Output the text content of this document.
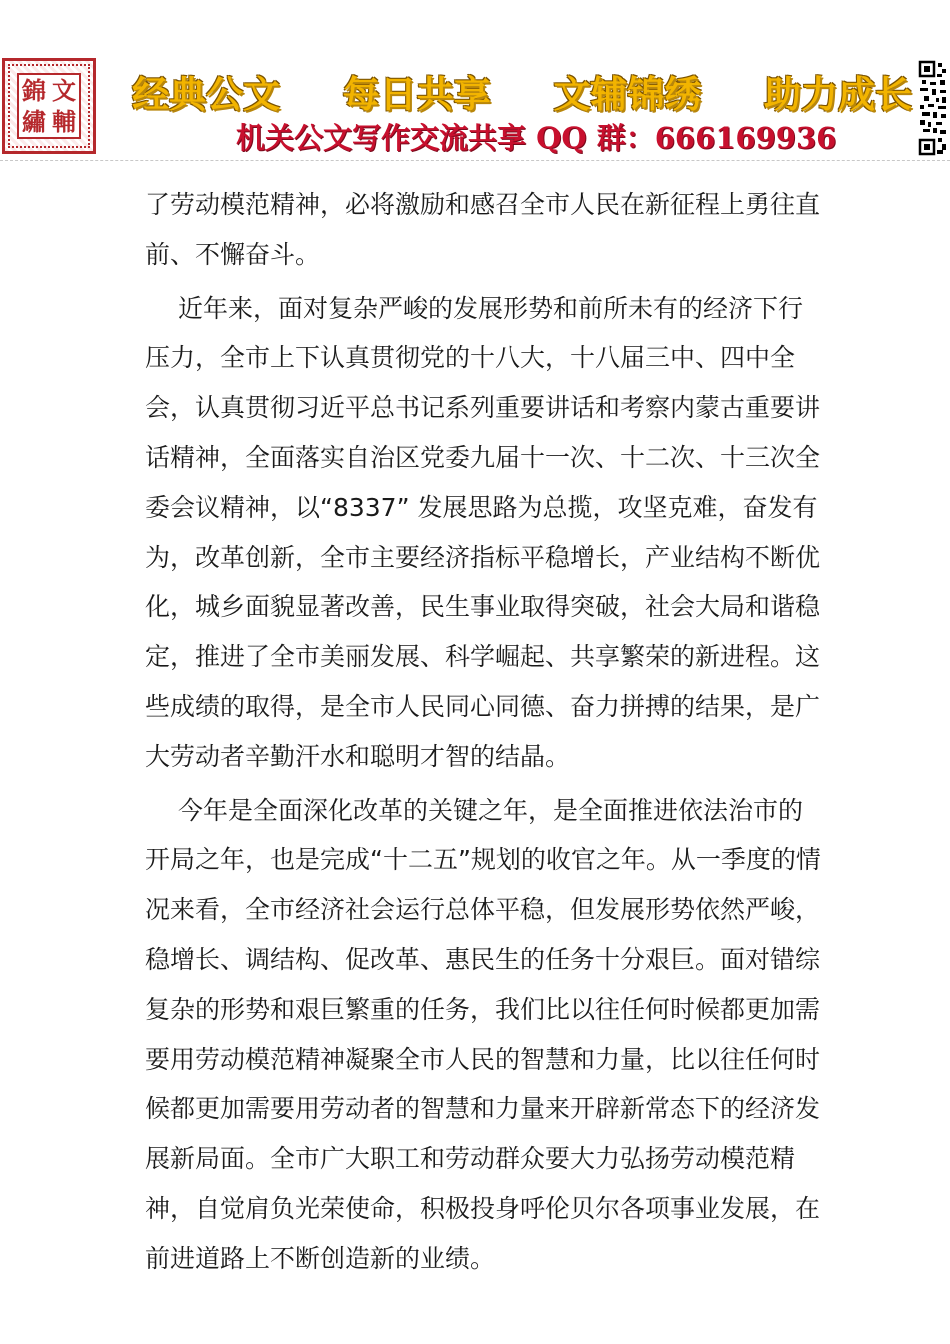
錦 文
繡 輔
经典公文 每日共享 文辅锦绣 助力成长
机关公文写作交流共享 QQ 群：666169936

了劳动模范精神，必将激励和感召全市人民在新征程上勇往直前、不懈奋斗。

近年来，面对复杂严峻的发展形势和前所未有的经济下行压力，全市上下认真贯彻党的十八大，十八届三中、四中全会，认真贯彻习近平总书记系列重要讲话和考察内蒙古重要讲话精神，全面落实自治区党委九届十一次、十二次、十三次全委会议精神，以“8337” 发展思路为总揽，攻坚克难，奋发有为，改革创新，全市主要经济指标平稳增长，产业结构不断优化，城乡面貌显著改善，民生事业取得突破，社会大局和谐稳定，推进了全市美丽发展、科学崛起、共享繁荣的新进程。这些成绩的取得，是全市人民同心同德、奋力拼搏的结果，是广大劳动者辛勤汗水和聪明才智的结晶。

今年是全面深化改革的关键之年，是全面推进依法治市的开局之年，也是完成“十二五”规划的收官之年。从一季度的情况来看，全市经济社会运行总体平稳，但发展形势依然严峻，稳增长、调结构、促改革、惠民生的任务十分艰巨。面对错综复杂的形势和艰巨繁重的任务，我们比以往任何时候都更加需要用劳动模范精神凝聚全市人民的智慧和力量，比以往任何时候都更加需要用劳动者的智慧和力量来开辟新常态下的经济发展新局面。全市广大职工和劳动群众要大力弘扬劳动模范精神，自觉肩负光荣使命，积极投身呼伦贝尔各项事业发展，在前进道路上不断创造新的业绩。
